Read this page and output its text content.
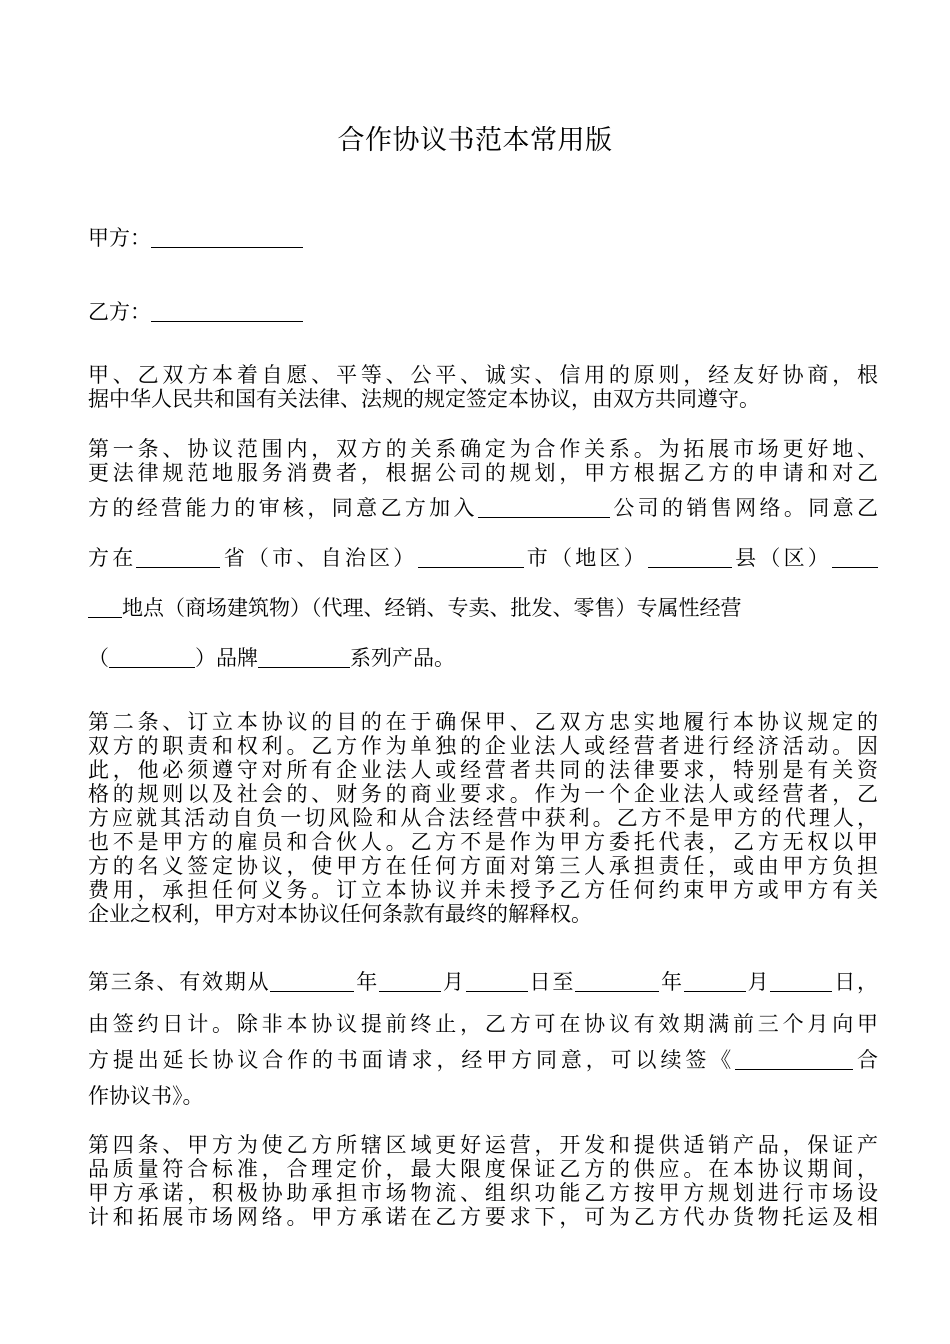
合作协议书范本常用版
甲方：
乙方：
甲、乙双方本着自愿、平等、公平、诚实、信用的原则，经友好协商，根
据中华人民共和国有关法律、法规的规定签定本协议，由双方共同遵守。
第一条、协议范围内，双方的关系确定为合作关系。为拓展市场更好地、
更法律规范地服务消费者，根据公司的规划，甲方根据乙方的申请和对乙
方的经营能力的审核，同意乙方加入	公司的销售网络。同意乙
方在	省（市、自治区）	市（地区）	县（区）
地点（商场建筑物）（代理、经销、专卖、批发、零售）专属性经营
（	）品牌	系列产品。
第二条、订立本协议的目的在于确保甲、乙双方忠实地履行本协议规定的
双方的职责和权利。乙方作为单独的企业法人或经营者进行经济活动。因
此，他必须遵守对所有企业法人或经营者共同的法律要求，特别是有关资
格的规则以及社会的、财务的商业要求。作为一个企业法人或经营者，乙
方应就其活动自负一切风险和从合法经营中获利。乙方不是甲方的代理人，
也不是甲方的雇员和合伙人。乙方不是作为甲方委托代表，乙方无权以甲
方的名义签定协议，使甲方在任何方面对第三人承担责任，或由甲方负担
费用，承担任何义务。订立本协议并未授予乙方任何约束甲方或甲方有关
企业之权利，甲方对本协议任何条款有最终的解释权。
第三条、有效期从	年	月	日至	年	月	日，
由签约日计。除非本协议提前终止，乙方可在协议有效期满前三个月向甲
方提出延长协议合作的书面请求，经甲方同意，可以续签《	合
作协议书》。
第四条、甲方为使乙方所辖区域更好运营，开发和提供适销产品，保证产
品质量符合标准，合理定价，最大限度保证乙方的供应。在本协议期间，
甲方承诺，积极协助承担市场物流、组织功能乙方按甲方规划进行市场设
计和拓展市场网络。甲方承诺在乙方要求下，可为乙方代办货物托运及相
